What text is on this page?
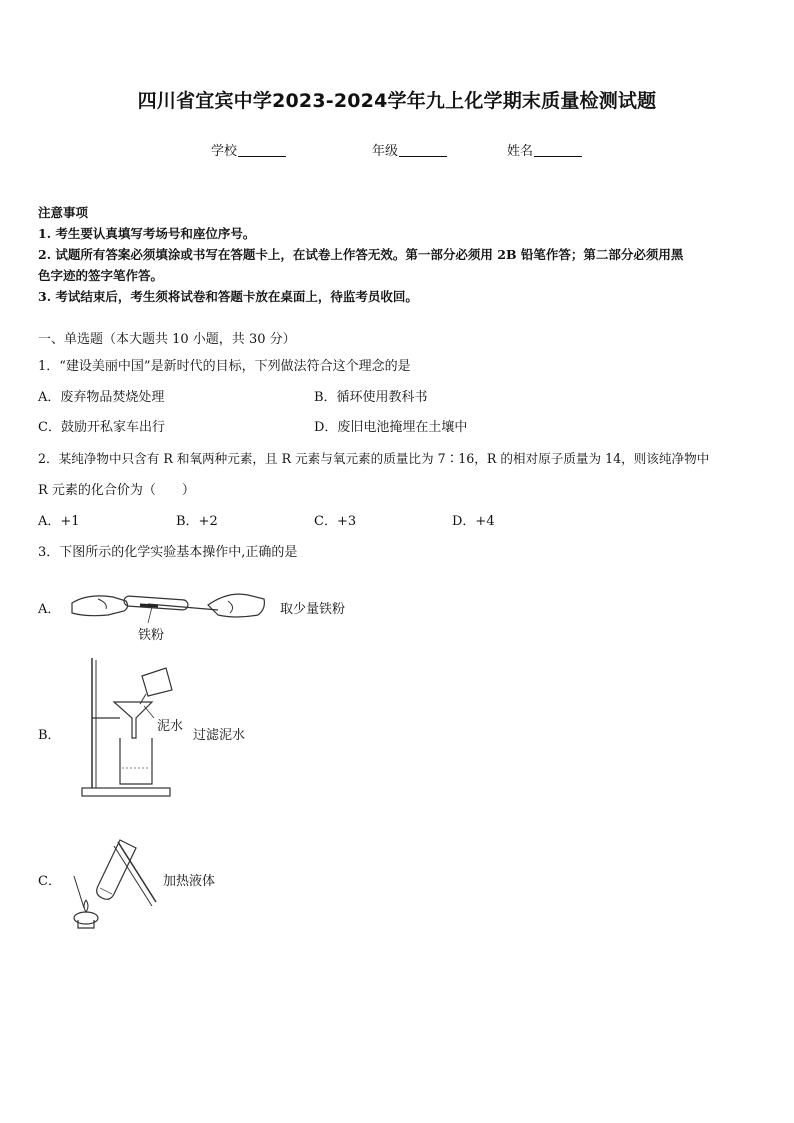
四川省宜宾中学2023-2024学年九上化学期末质量检测试题
学校	年级	姓名
注意事项
1. 考生要认真填写考场号和座位序号。
2. 试题所有答案必须填涂或书写在答题卡上，在试卷上作答无效。第一部分必须用 2B 铅笔作答；第二部分必须用黑
色字迹的签字笔作答。
3. 考试结束后，考生须将试卷和答题卡放在桌面上，待监考员收回。
一、单选题（本大题共 10 小题，共 30 分）
1．“建设美丽中国”是新时代的目标，下列做法符合这个理念的是
A．废弃物品焚烧处理	B．循环使用教科书
C．鼓励开私家车出行	D．废旧电池掩埋在土壤中
2．某纯净物中只含有 R 和氧两种元素，且 R 元素与氧元素的质量比为 7∶16，R 的相对原子质量为 14，则该纯净物中
R 元素的化合价为（　　）
A．+1	B．+2	C．+3	D．+4
3．下图所示的化学实验基本操作中,正确的是
A．
铁粉
取少量铁粉
B．
泥水
过滤泥水
C．	加热液体
